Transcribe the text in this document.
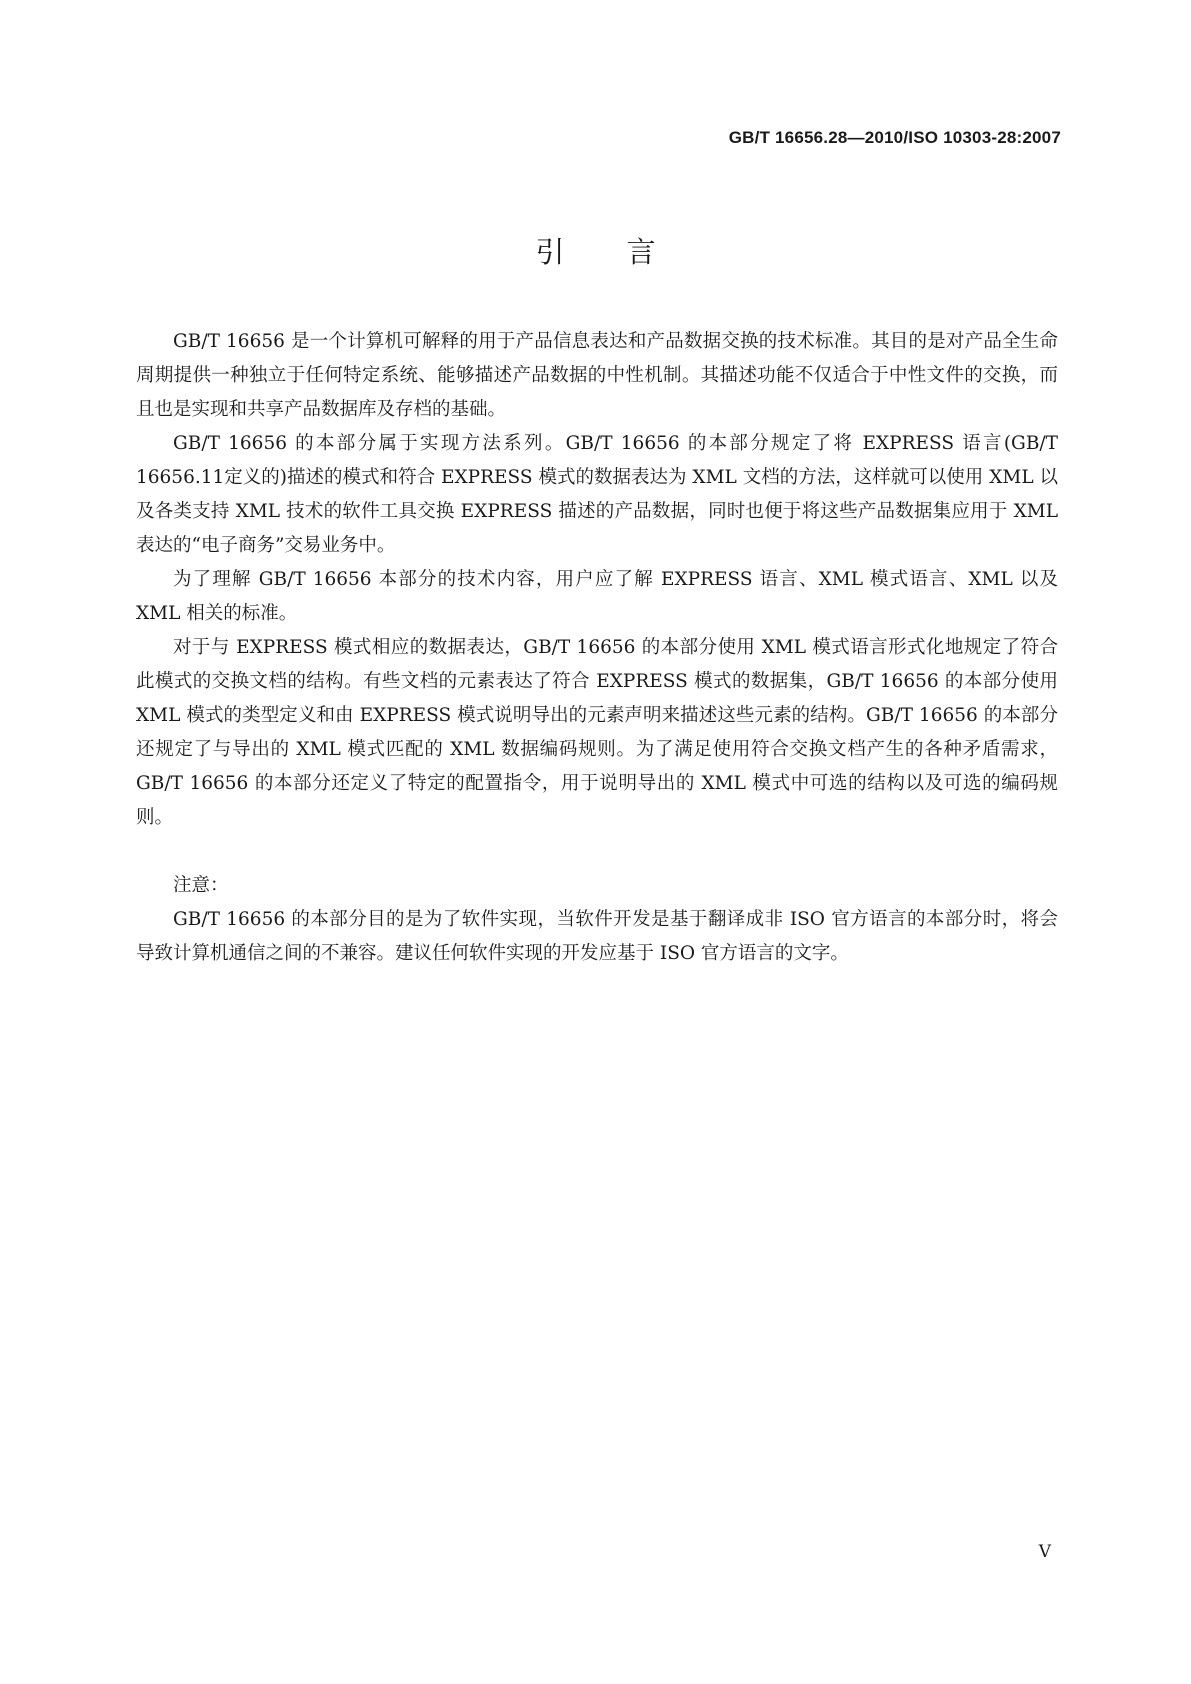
GB/T 16656.28—2010/ISO 10303-28:2007
引言

GB/T 16656 是一个计算机可解释的用于产品信息表达和产品数据交换的技术标准。其目的是对产品全生命周期提供一种独立于任何特定系统、能够描述产品数据的中性机制。其描述功能不仅适合于中性文件的交换，而且也是实现和共享产品数据库及存档的基础。

GB/T 16656 的本部分属于实现方法系列。GB/T 16656 的本部分规定了将 EXPRESS 语言(GB/T 16656.11定义的)描述的模式和符合 EXPRESS 模式的数据表达为 XML 文档的方法，这样就可以使用 XML 以及各类支持 XML 技术的软件工具交换 EXPRESS 描述的产品数据，同时也便于将这些产品数据集应用于 XML 表达的“电子商务”交易业务中。

为了理解 GB/T 16656 本部分的技术内容，用户应了解 EXPRESS 语言、XML 模式语言、XML 以及 XML 相关的标准。

对于与 EXPRESS 模式相应的数据表达，GB/T 16656 的本部分使用 XML 模式语言形式化地规定了符合此模式的交换文档的结构。有些文档的元素表达了符合 EXPRESS 模式的数据集，GB/T 16656 的本部分使用 XML 模式的类型定义和由 EXPRESS 模式说明导出的元素声明来描述这些元素的结构。GB/T 16656 的本部分还规定了与导出的 XML 模式匹配的 XML 数据编码规则。为了满足使用符合交换文档产生的各种矛盾需求，GB/T 16656 的本部分还定义了特定的配置指令，用于说明导出的 XML 模式中可选的结构以及可选的编码规则。

注意：

GB/T 16656 的本部分目的是为了软件实现，当软件开发是基于翻译成非 ISO 官方语言的本部分时，将会导致计算机通信之间的不兼容。建议任何软件实现的开发应基于 ISO 官方语言的文字。

V
